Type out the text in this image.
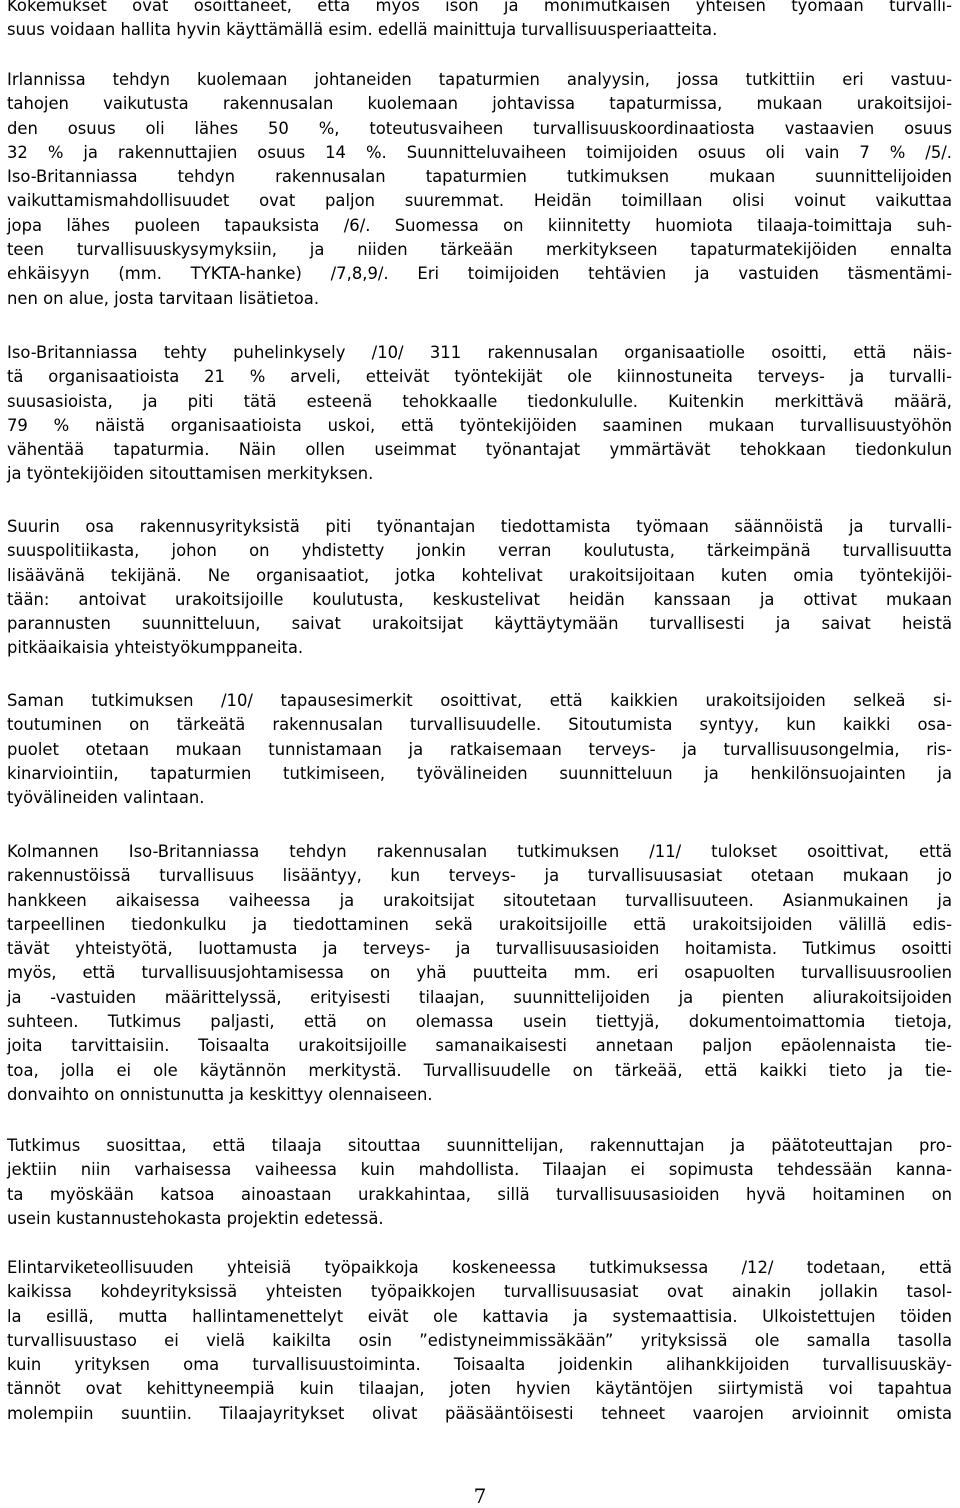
Kokemukset ovat osoittaneet, että myös ison ja monimutkaisen yhteisen työmaan turvalli-
suus voidaan hallita hyvin käyttämällä esim. edellä mainittuja turvallisuusperiaatteita.
Irlannissa tehdyn kuolemaan johtaneiden tapaturmien analyysin, jossa tutkittiin eri vastuu-
tahojen vaikutusta rakennusalan kuolemaan johtavissa tapaturmissa, mukaan urakoitsijoi-
den osuus oli lähes 50 %, toteutusvaiheen turvallisuuskoordinaatiosta vastaavien osuus
32 % ja rakennuttajien osuus 14 %. Suunnitteluvaiheen toimijoiden osuus oli vain 7 % /5/.
Iso-Britanniassa tehdyn rakennusalan tapaturmien tutkimuksen mukaan suunnittelijoiden
vaikuttamismahdollisuudet ovat paljon suuremmat. Heidän toimillaan olisi voinut vaikuttaa
jopa lähes puoleen tapauksista /6/. Suomessa on kiinnitetty huomiota tilaaja-toimittaja suh-
teen turvallisuuskysymyksiin, ja niiden tärkeään merkitykseen tapaturmatekijöiden ennalta
ehkäisyyn (mm. TYKTA-hanke) /7,8,9/. Eri toimijoiden tehtävien ja vastuiden täsmentämi-
nen on alue, josta tarvitaan lisätietoa.
Iso-Britanniassa tehty puhelinkysely /10/ 311 rakennusalan organisaatiolle osoitti, että näis-
tä organisaatioista 21 % arveli, etteivät työntekijät ole kiinnostuneita terveys- ja turvalli-
suusasioista, ja piti tätä esteenä tehokkaalle tiedonkululle. Kuitenkin merkittävä määrä,
79 % näistä organisaatioista uskoi, että työntekijöiden saaminen mukaan turvallisuustyöhön
vähentää tapaturmia. Näin ollen useimmat työnantajat ymmärtävät tehokkaan tiedonkulun
ja työntekijöiden sitouttamisen merkityksen.
Suurin osa rakennusyrityksistä piti työnantajan tiedottamista työmaan säännöistä ja turvalli-
suuspolitiikasta, johon on yhdistetty jonkin verran koulutusta, tärkeimpänä turvallisuutta
lisäävänä tekijänä. Ne organisaatiot, jotka kohtelivat urakoitsijoitaan kuten omia työntekijöi-
tään: antoivat urakoitsijoille koulutusta, keskustelivat heidän kanssaan ja ottivat mukaan
parannusten suunnitteluun, saivat urakoitsijat käyttäytymään turvallisesti ja saivat heistä
pitkäaikaisia yhteistyökumppaneita.
Saman tutkimuksen /10/ tapausesimerkit osoittivat, että kaikkien urakoitsijoiden selkeä si-
toutuminen on tärkeätä rakennusalan turvallisuudelle. Sitoutumista syntyy, kun kaikki osa-
puolet otetaan mukaan tunnistamaan ja ratkaisemaan terveys- ja turvallisuusongelmia, ris-
kinarviointiin, tapaturmien tutkimiseen, työvälineiden suunnitteluun ja henkilönsuojainten ja
työvälineiden valintaan.
Kolmannen Iso-Britanniassa tehdyn rakennusalan tutkimuksen /11/ tulokset osoittivat, että
rakennustöissä turvallisuus lisääntyy, kun terveys- ja turvallisuusasiat otetaan mukaan jo
hankkeen aikaisessa vaiheessa ja urakoitsijat sitoutetaan turvallisuuteen. Asianmukainen ja
tarpeellinen tiedonkulku ja tiedottaminen sekä urakoitsijoille että urakoitsijoiden välillä edis-
tävät yhteistyötä, luottamusta ja terveys- ja turvallisuusasioiden hoitamista. Tutkimus osoitti
myös, että turvallisuusjohtamisessa on yhä puutteita mm. eri osapuolten turvallisuusroolien
ja -vastuiden määrittelyssä, erityisesti tilaajan, suunnittelijoiden ja pienten aliurakoitsijoiden
suhteen. Tutkimus paljasti, että on olemassa usein tiettyjä, dokumentoimattomia tietoja,
joita tarvittaisiin. Toisaalta urakoitsijoille samanaikaisesti annetaan paljon epäolennaista tie-
toa, jolla ei ole käytännön merkitystä. Turvallisuudelle on tärkeää, että kaikki tieto ja tie-
donvaihto on onnistunutta ja keskittyy olennaiseen.
Tutkimus suosittaa, että tilaaja sitouttaa suunnittelijan, rakennuttajan ja päätoteuttajan pro-
jektiin niin varhaisessa vaiheessa kuin mahdollista. Tilaajan ei sopimusta tehdessään kanna-
ta myöskään katsoa ainoastaan urakkahintaa, sillä turvallisuusasioiden hyvä hoitaminen on
usein kustannustehokasta projektin edetessä.
Elintarviketeollisuuden yhteisiä työpaikkoja koskeneessa tutkimuksessa /12/ todetaan, että
kaikissa kohdeyrityksissä yhteisten työpaikkojen turvallisuusasiat ovat ainakin jollakin tasol-
la esillä, mutta hallintamenettelyt eivät ole kattavia ja systemaattisia. Ulkoistettujen töiden
turvallisuustaso ei vielä kaikilta osin ”edistyneimmissäkään” yrityksissä ole samalla tasolla
kuin yrityksen oma turvallisuustoiminta. Toisaalta joidenkin alihankkijoiden turvallisuuskäy-
tännöt ovat kehittyneempiä kuin tilaajan, joten hyvien käytäntöjen siirtymistä voi tapahtua
molempiin suuntiin. Tilaajayritykset olivat pääsääntöisesti tehneet vaarojen arvioinnit omista
7
